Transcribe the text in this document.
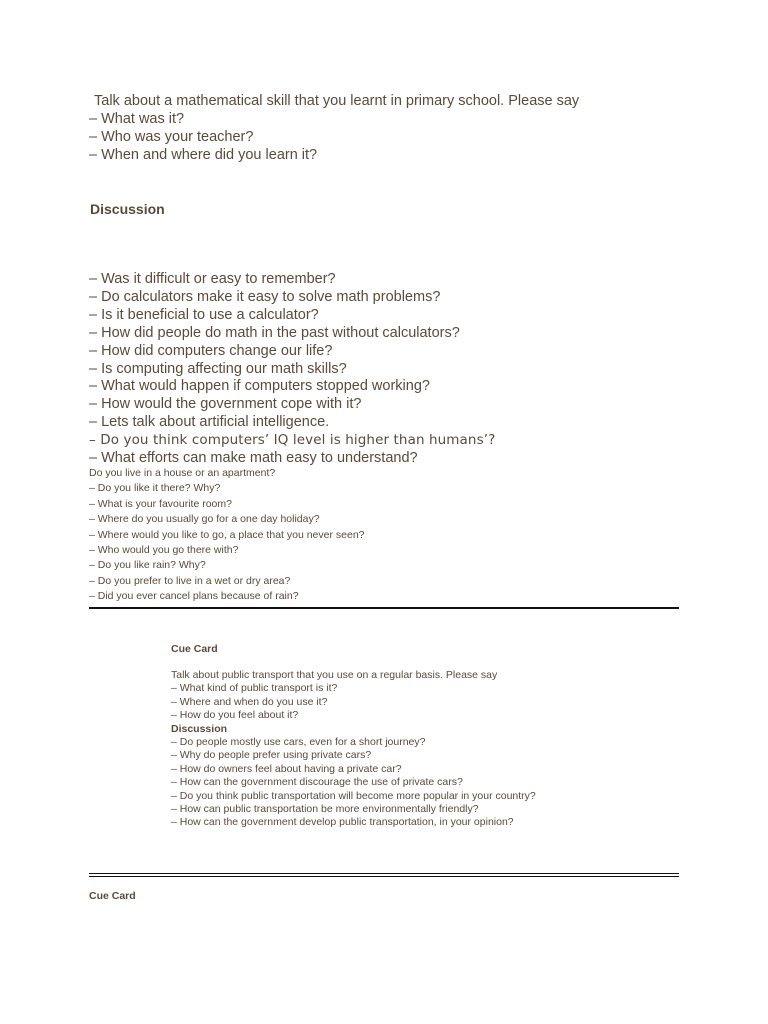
Talk about a mathematical skill that you learnt in primary school. Please say
– What was it?
– Who was your teacher?
– When and where did you learn it?
Discussion
– Was it difficult or easy to remember?
– Do calculators make it easy to solve math problems?
– Is it beneficial to use a calculator?
– How did people do math in the past without calculators?
– How did computers change our life?
– Is computing affecting our math skills?
– What would happen if computers stopped working?
– How would the government cope with it?
– Lets talk about artificial intelligence.
– Do you think computers’ IQ level is higher than humans’?
– What efforts can make math easy to understand?
Do you live in a house or an apartment?
– Do you like it there? Why?
– What is your favourite room?
– Where do you usually go for a one day holiday?
– Where would you like to go, a place that you never seen?
– Who would you go there with?
– Do you like rain? Why?
– Do you prefer to live in a wet or dry area?
– Did you ever cancel plans because of rain?
Cue Card
Talk about public transport that you use on a regular basis. Please say
– What kind of public transport is it?
– Where and when do you use it?
– How do you feel about it?
Discussion
– Do people mostly use cars, even for a short journey?
– Why do people prefer using private cars?
– How do owners feel about having a private car?
– How can the government discourage the use of private cars?
– Do you think public transportation will become more popular in your country?
– How can public transportation be more environmentally friendly?
– How can the government develop public transportation, in your opinion?
Cue Card
